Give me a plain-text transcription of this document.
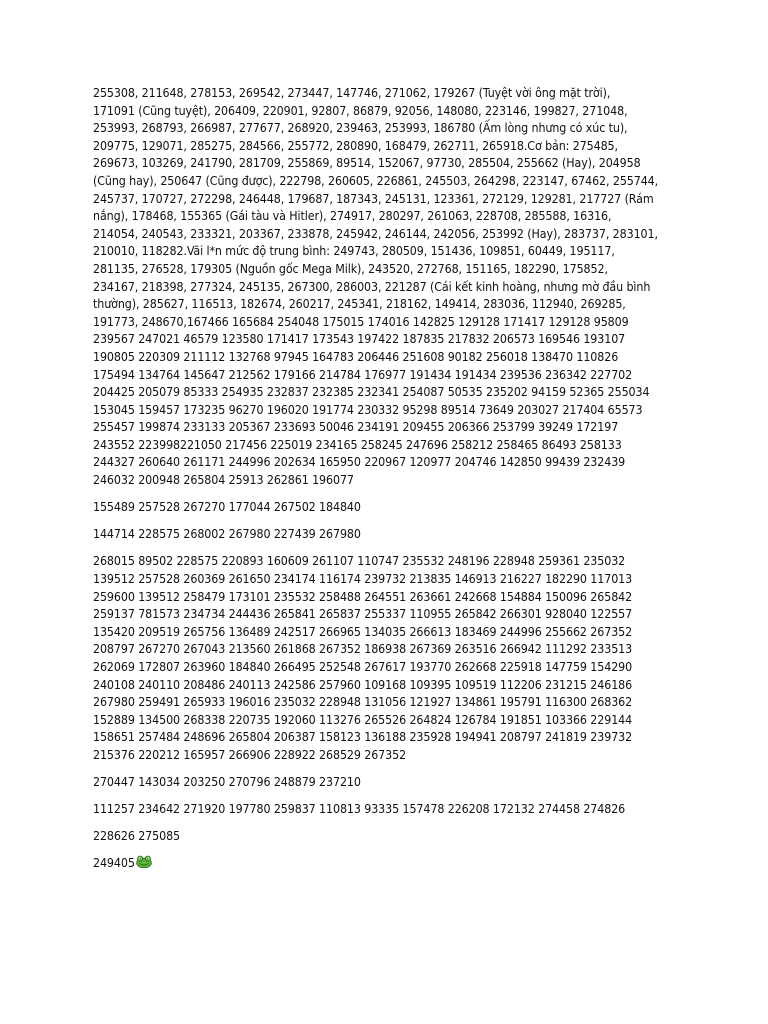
255308, 211648, 278153, 269542, 273447, 147746, 271062, 179267 (Tuyệt vời ông mặt trời),
171091 (Cũng tuyệt), 206409, 220901, 92807, 86879, 92056, 148080, 223146, 199827, 271048,
253993, 268793, 266987, 277677, 268920, 239463, 253993, 186780 (Ấm lòng nhưng có xúc tu),
209775, 129071, 285275, 284566, 255772, 280890, 168479, 262711, 265918.Cơ bản: 275485,
269673, 103269, 241790, 281709, 255869, 89514, 152067, 97730, 285504, 255662 (Hay), 204958
(Cũng hay), 250647 (Cũng được), 222798, 260605, 226861, 245503, 264298, 223147, 67462, 255744,
245737, 170727, 272298, 246448, 179687, 187343, 245131, 123361, 272129, 129281, 217727 (Rám
nắng), 178468, 155365 (Gái tàu và Hitler), 274917, 280297, 261063, 228708, 285588, 16316,
214054, 240543, 233321, 203367, 233878, 245942, 246144, 242056, 253992 (Hay), 283737, 283101,
210010, 118282.Vãi l*n mức độ trung bình: 249743, 280509, 151436, 109851, 60449, 195117,
281135, 276528, 179305 (Nguồn gốc Mega Milk), 243520, 272768, 151165, 182290, 175852,
234167, 218398, 277324, 245135, 267300, 286003, 221287 (Cái kết kinh hoàng, nhưng mờ đầu bình
thường), 285627, 116513, 182674, 260217, 245341, 218162, 149414, 283036, 112940, 269285,
191773, 248670,167466 165684 254048 175015 174016 142825 129128 171417 129128 95809
239567 247021 46579 123580 171417 173543 197422 187835 217832 206573 169546 193107
190805 220309 211112 132768 97945 164783 206446 251608 90182 256018 138470 110826
175494 134764 145647 212562 179166 214784 176977 191434 191434 239536 236342 227702
204425 205079 85333 254935 232837 232385 232341 254087 50535 235202 94159 52365 255034
153045 159457 173235 96270 196020 191774 230332 95298 89514 73649 203027 217404 65573
255457 199874 233133 205367 233693 50046 234191 209455 206366 253799 39249 172197
243552 223998221050 217456 225019 234165 258245 247696 258212 258465 86493 258133
244327 260640 261171 244996 202634 165950 220967 120977 204746 142850 99439 232439
246032 200948 265804 25913 262861 196077
155489 257528 267270 177044 267502 184840
144714 228575 268002 267980 227439 267980
268015 89502 228575 220893 160609 261107 110747 235532 248196 228948 259361 235032
139512 257528 260369 261650 234174 116174 239732 213835 146913 216227 182290 117013
259600 139512 258479 173101 235532 258488 264551 263661 242668 154884 150096 265842
259137 781573 234734 244436 265841 265837 255337 110955 265842 266301 928040 122557
135420 209519 265756 136489 242517 266965 134035 266613 183469 244996 255662 267352
208797 267270 267043 213560 261868 267352 186938 267369 263516 266942 111292 233513
262069 172807 263960 184840 266495 252548 267617 193770 262668 225918 147759 154290
240108 240110 208486 240113 242586 257960 109168 109395 109519 112206 231215 246186
267980 259491 265933 196016 235032 228948 131056 121927 134861 195791 116300 268362
152889 134500 268338 220735 192060 113276 265526 264824 126784 191851 103366 229144
158651 257484 248696 265804 206387 158123 136188 235928 194941 208797 241819 239732
215376 220212 165957 266906 228922 268529 267352
270447 143034 203250 270796 248879 237210
111257 234642 271920 197780 259837 110813 93335 157478 226208 172132 274458 274826
228626 275085
249405
